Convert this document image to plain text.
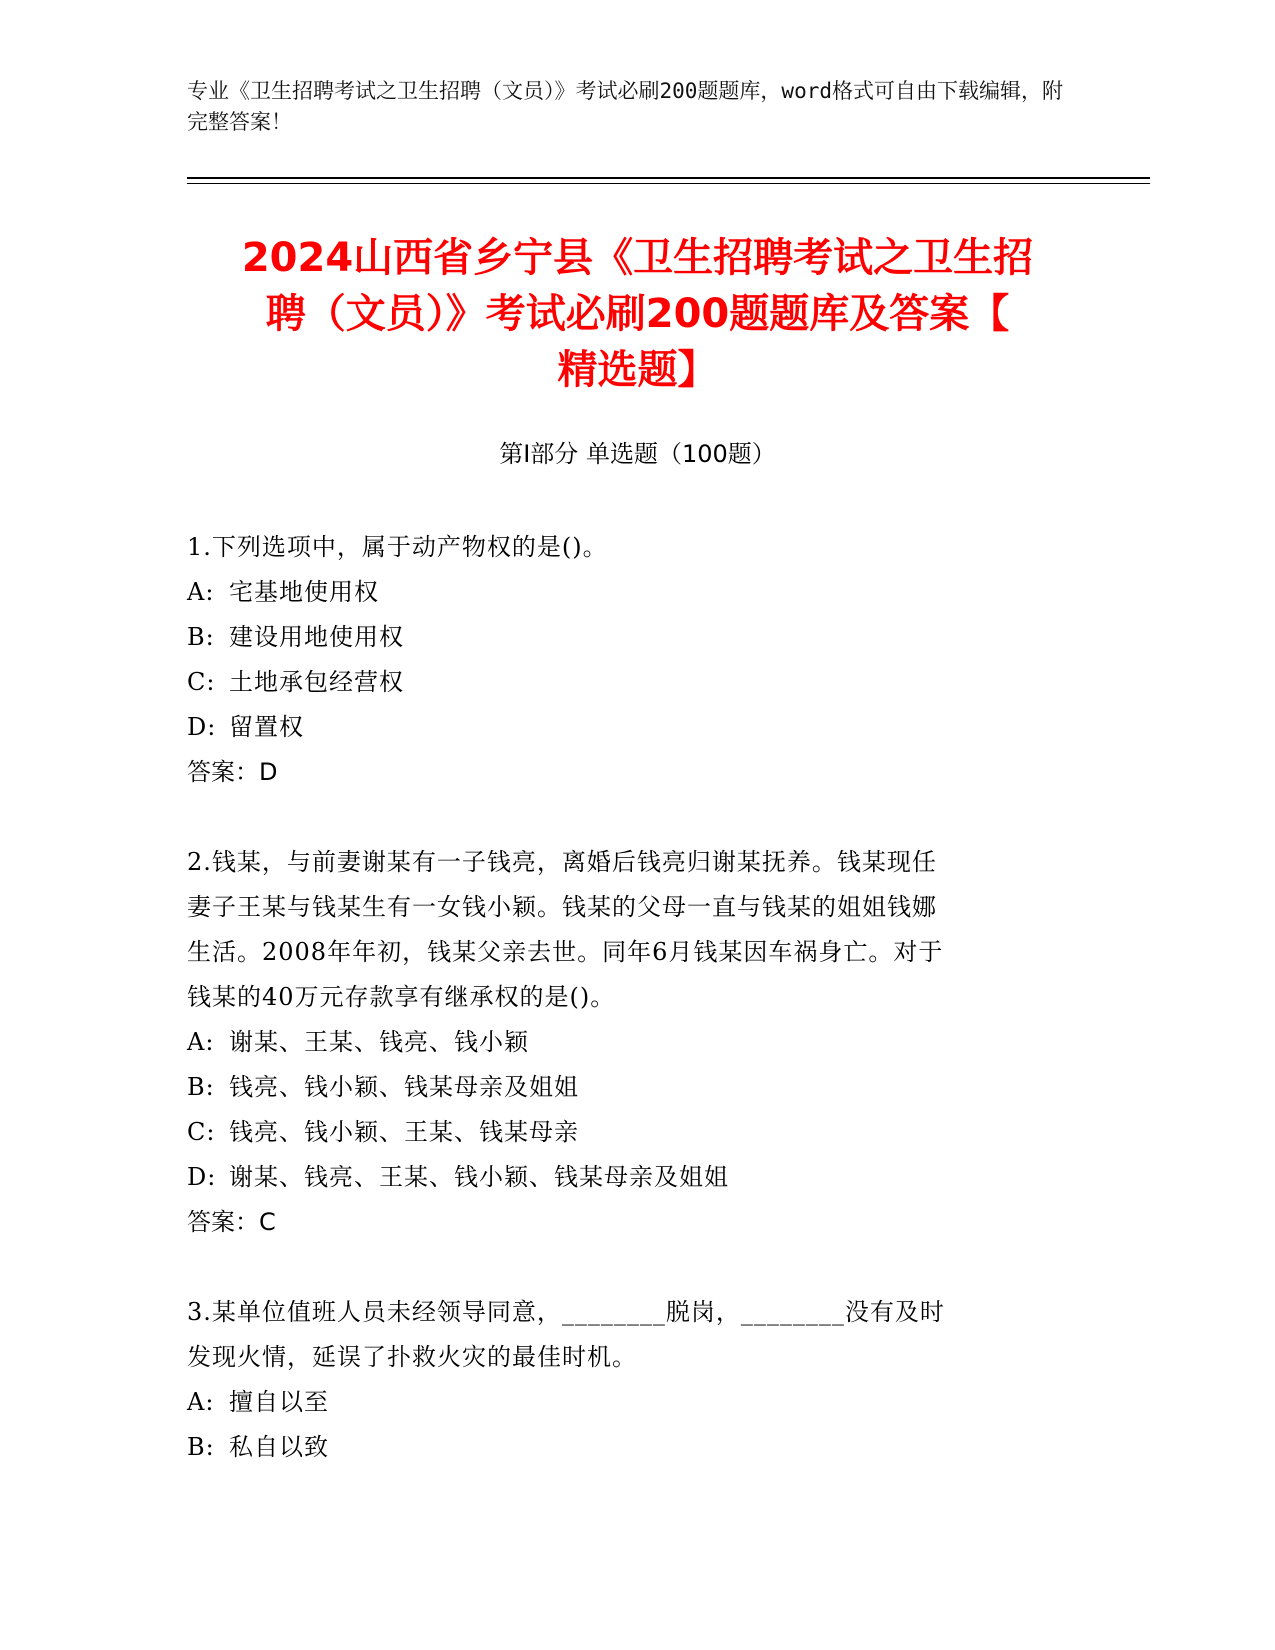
专业《卫生招聘考试之卫生招聘（文员）》考试必刷200题题库，word格式可自由下载编辑，附完整答案！
2024山西省乡宁县《卫生招聘考试之卫生招
聘（文员）》考试必刷200题题库及答案【
精选题】
第I部分 单选题（100题）
1.下列选项中，属于动产物权的是()。
A: 宅基地使用权
B: 建设用地使用权
C: 土地承包经营权
D: 留置权
答案：D
2.钱某，与前妻谢某有一子钱亮，离婚后钱亮归谢某抚养。钱某现任
妻子王某与钱某生有一女钱小颖。钱某的父母一直与钱某的姐姐钱娜
生活。2008年年初，钱某父亲去世。同年6月钱某因车祸身亡。对于
钱某的40万元存款享有继承权的是()。
A: 谢某、王某、钱亮、钱小颖
B: 钱亮、钱小颖、钱某母亲及姐姐
C: 钱亮、钱小颖、王某、钱某母亲
D: 谢某、钱亮、王某、钱小颖、钱某母亲及姐姐
答案：C
3.某单位值班人员未经领导同意，________脱岗，________没有及时
发现火情，延误了扑救火灾的最佳时机。
A: 擅自以至
B: 私自以致
